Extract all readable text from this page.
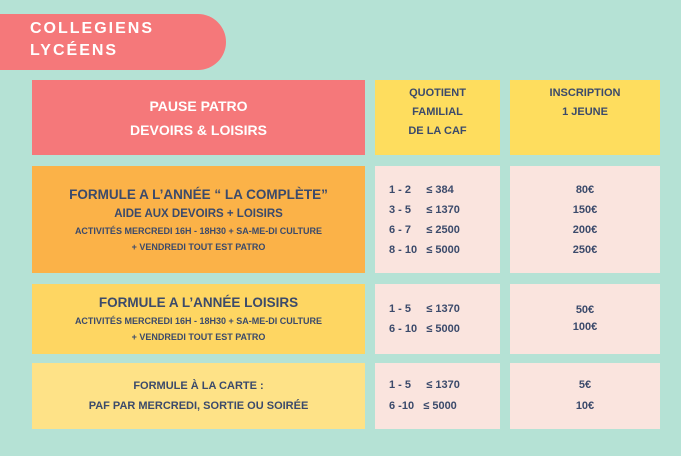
COLLEGIENS
LYCÉENS
PAUSE PATRO
DEVOIRS & LOISIRS
QUOTIENT
FAMILIAL
DE LA CAF
INSCRIPTION
1 JEUNE
FORMULE A L’ANNÉE “ LA COMPLÈTE”
AIDE AUX DEVOIRS + LOISIRS
ACTIVITÉS MERCREDI 16H - 18H30 + SA-ME-DI CULTURE
+ VENDREDI TOUT EST PATRO
1 - 2     ≤ 384
3 - 5     ≤ 1370
6 - 7     ≤ 2500
8 - 10   ≤ 5000
80€
150€
200€
250€
FORMULE A L’ANNÉE LOISIRS
ACTIVITÉS MERCREDI 16H - 18H30 + SA-ME-DI CULTURE
+ VENDREDI TOUT EST PATRO
1 - 5     ≤ 1370
6 - 10   ≤ 5000
50€
100€
FORMULE À LA CARTE :
PAF PAR MERCREDI, SORTIE OU SOIRÉE
1 - 5     ≤ 1370
6 -10   ≤ 5000
5€
10€
